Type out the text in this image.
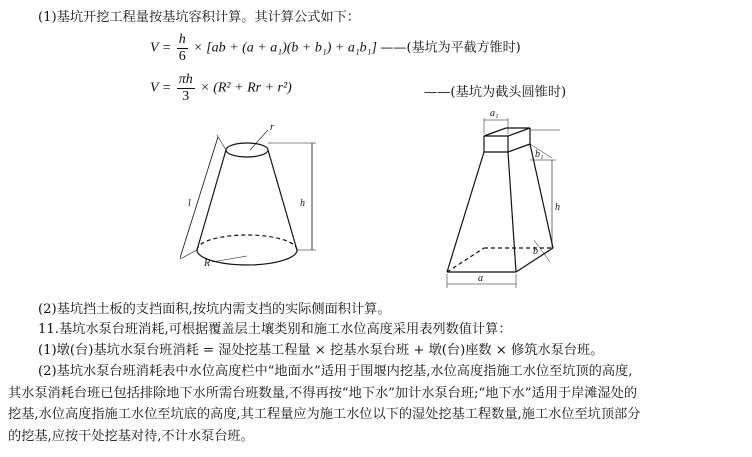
(1)基坑开挖工程量按基坑容积计算。其计算公式如下：
$V = \frac{h}{6} \times [ab + (a + a_1)(b + b_1) + a_1b_1]$ ——(基坑为平截方锥时)
$V = \frac{\pi h}{3} \times (R^2 + Rr + r^2)$	——(基坑为截头圆锥时)
r
l	h
R
a₁
b₁
h
b
a
(2)基坑挡土板的支挡面积,按坑内需支挡的实际侧面积计算。
11.基坑水泵台班消耗,可根据覆盖层土壤类别和施工水位高度采用表列数值计算：
(1)墩(台)基坑水泵台班消耗 = 湿处挖基工程量 × 挖基水泵台班 + 墩(台)座数 × 修筑水泵台班。
(2)基坑水泵台班消耗表中水位高度栏中“地面水”适用于围堰内挖基,水位高度指施工水位至坑顶的高度,
其水泵消耗台班已包括排除地下水所需台班数量,不得再按“地下水”加计水泵台班;“地下水”适用于岸滩湿处的
挖基,水位高度指施工水位至坑底的高度,其工程量应为施工水位以下的湿处挖基工程数量,施工水位至坑顶部分
的挖基,应按干处挖基对待,不计水泵台班。
